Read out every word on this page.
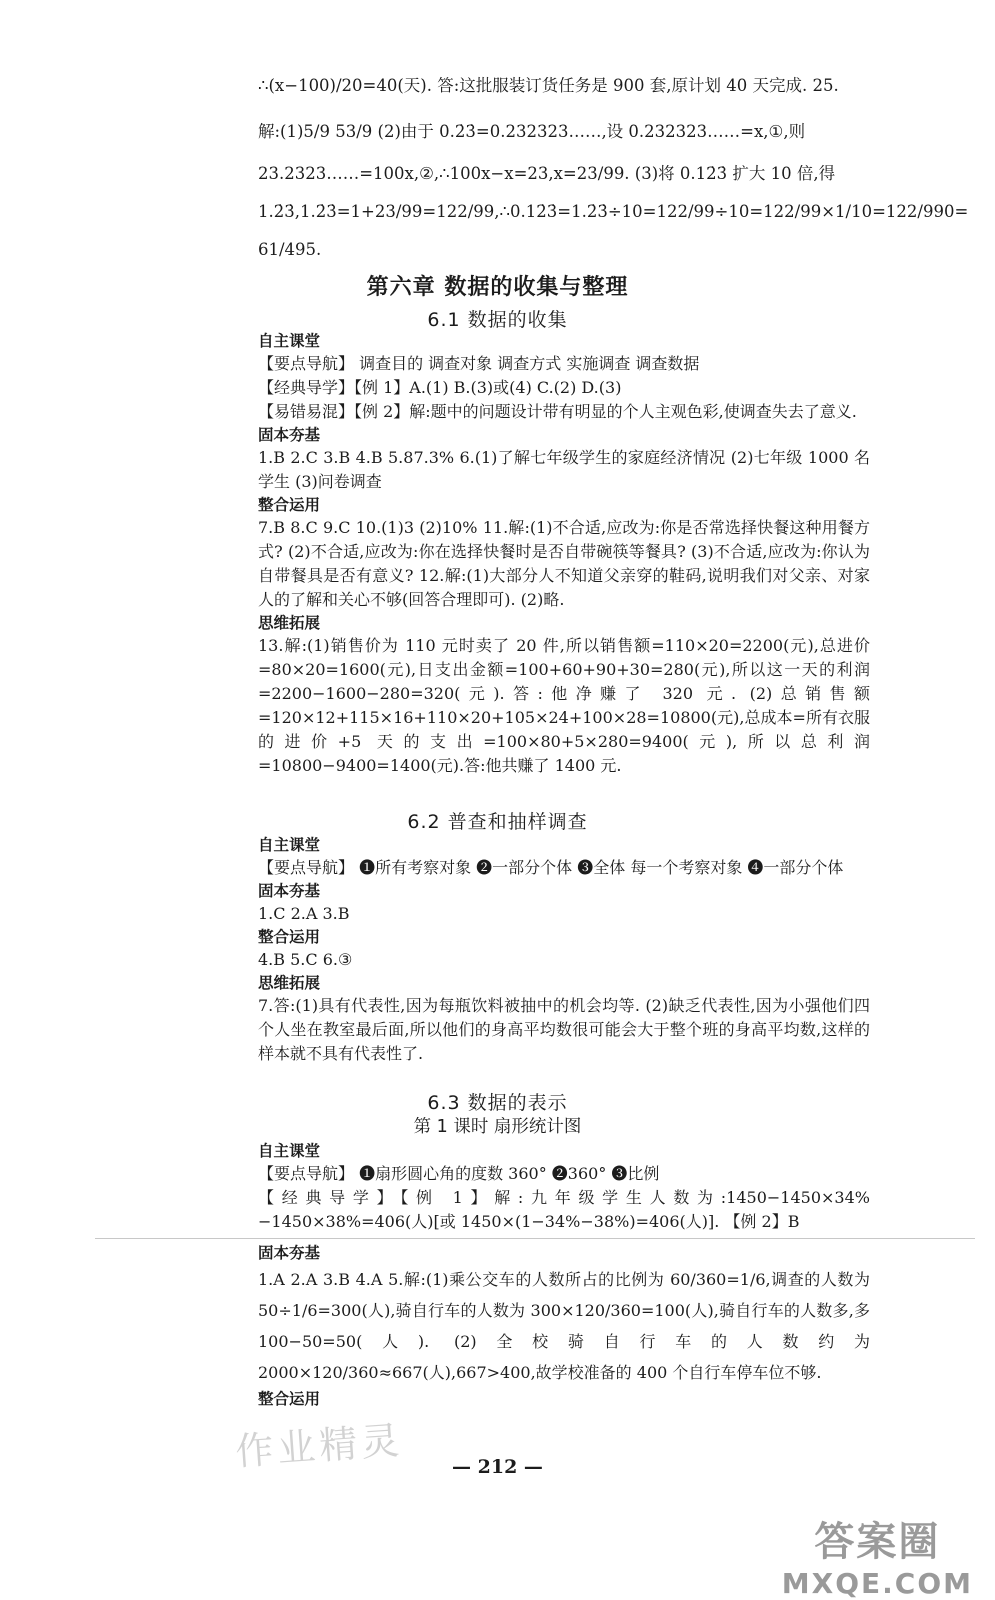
∴(x−100)/20=40(天). 答:这批服装订货任务是 900 套,原计划 40 天完成. 25.
解:(1)5/9 53/9 (2)由于 0.2̇3̇=0.232323……,设 0.232323……=x,①,则
23.2323……=100x,②,∴100x−x=23,x=23/99. (3)将 0.12̇3̇ 扩大 10 倍,得
1.2̇3̇,1.2̇3̇=1+23/99=122/99,∴0.12̇3̇=1.2̇3̇÷10=122/99÷10=122/99×1/10=122/990=
61/495.
第六章 数据的收集与整理
6.1 数据的收集

自主课堂

【要点导航】 调查目的 调查对象 调查方式 实施调查 调查数据

【经典导学】【例 1】A.(1) B.(3)或(4) C.(2) D.(3)

【易错易混】【例 2】解:题中的问题设计带有明显的个人主观色彩,使调查失去了意义.

固本夯基

1.B 2.C 3.B 4.B 5.87.3% 6.(1)了解七年级学生的家庭经济情况 (2)七年级 1000 名学生 (3)问卷调查

整合运用

7.B 8.C 9.C 10.(1)3 (2)10% 11.解:(1)不合适,应改为:你是否常选择快餐这种用餐方式? (2)不合适,应改为:你在选择快餐时是否自带碗筷等餐具? (3)不合适,应改为:你认为自带餐具是否有意义? 12.解:(1)大部分人不知道父亲穿的鞋码,说明我们对父亲、对家人的了解和关心不够(回答合理即可). (2)略.

思维拓展

13.解:(1)销售价为 110 元时卖了 20 件,所以销售额=110×20=2200(元),总进价=80×20=1600(元),日支出金额=100+60+90+30=280(元),所以这一天的利润=2200−1600−280=320(元).答:他净赚了 320 元. (2)总销售额=120×12+115×16+110×20+105×24+100×28=10800(元),总成本=所有衣服的进价+5 天的支出=100×80+5×280=9400(元),所以总利润=10800−9400=1400(元).答:他共赚了 1400 元.

6.2 普查和抽样调查

自主课堂

【要点导航】 ❶所有考察对象 ❷一部分个体 ❸全体 每一个考察对象 ❹一部分个体

固本夯基

1.C 2.A 3.B

整合运用

4.B 5.C 6.③

思维拓展

7.答:(1)具有代表性,因为每瓶饮料被抽中的机会均等. (2)缺乏代表性,因为小强他们四个人坐在教室最后面,所以他们的身高平均数很可能会大于整个班的身高平均数,这样的样本就不具有代表性了.

6.3 数据的表示
第 1 课时 扇形统计图

自主课堂

【要点导航】 ❶扇形圆心角的度数 360° ❷360° ❸比例

【经典导学】【例 1】解:九年级学生人数为:1450−1450×34%−1450×38%=406(人)[或 1450×(1−34%−38%)=406(人)]. 【例 2】B

固本夯基

1.A 2.A 3.B 4.A 5.解:(1)乘公交车的人数所占的比例为 60/360=1/6,调查的人数为 50÷1/6=300(人),骑自行车的人数为 300×120/360=100(人),骑自行车的人数多,多 100−50=50(人). (2)全校骑自行车的人数约为 2000×120/360≈667(人),667>400,故学校准备的 400 个自行车停车位不够.

整合运用

— 212 —
作业精灵
答案圈
MXQE.COM
